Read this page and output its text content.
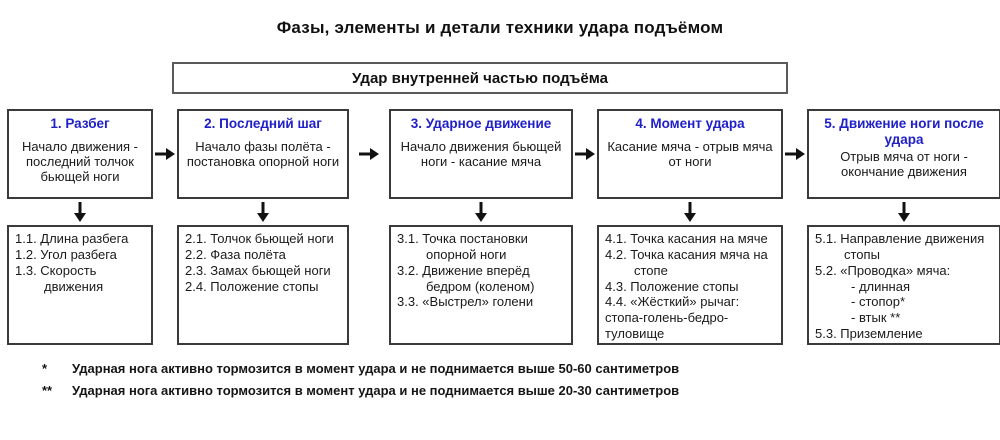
Фазы, элементы и детали техники удара подъёмом
Удар внутренней частью подъёма
1. Разбег
Начало движения - последний толчок бьющей ноги
2. Последний шаг
Начало фазы полёта - постановка опорной ноги
3. Ударное движение
Начало движения бьющей ноги - касание мяча
4. Момент удара
Касание мяча - отрыв мяча от ноги
5. Движение ноги после удара
Отрыв мяча от ноги - окончание движения
1.1. Длина разбега
1.2. Угол разбега
1.3. Скорость движения
2.1. Толчок бьющей ноги
2.2. Фаза полёта
2.3. Замах бьющей ноги
2.4. Положение стопы
3.1. Точка постановки опорной ноги
3.2. Движение вперёд бедром (коленом)
3.3. «Выстрел» голени
4.1. Точка касания на мяче
4.2. Точка касания мяча на стопе
4.3. Положение стопы
4.4. «Жёсткий» рычаг:
стопа-голень-бедро-туловище
5.1. Направление движения стопы
5.2. «Проводка» мяча:
- длинная
- стопор*
- втык **
5.3. Приземление
*	Ударная нога активно тормозится в момент удара и не поднимается выше 50-60 сантиметров
**	Ударная нога активно тормозится в момент удара и не поднимается выше 20-30 сантиметров
